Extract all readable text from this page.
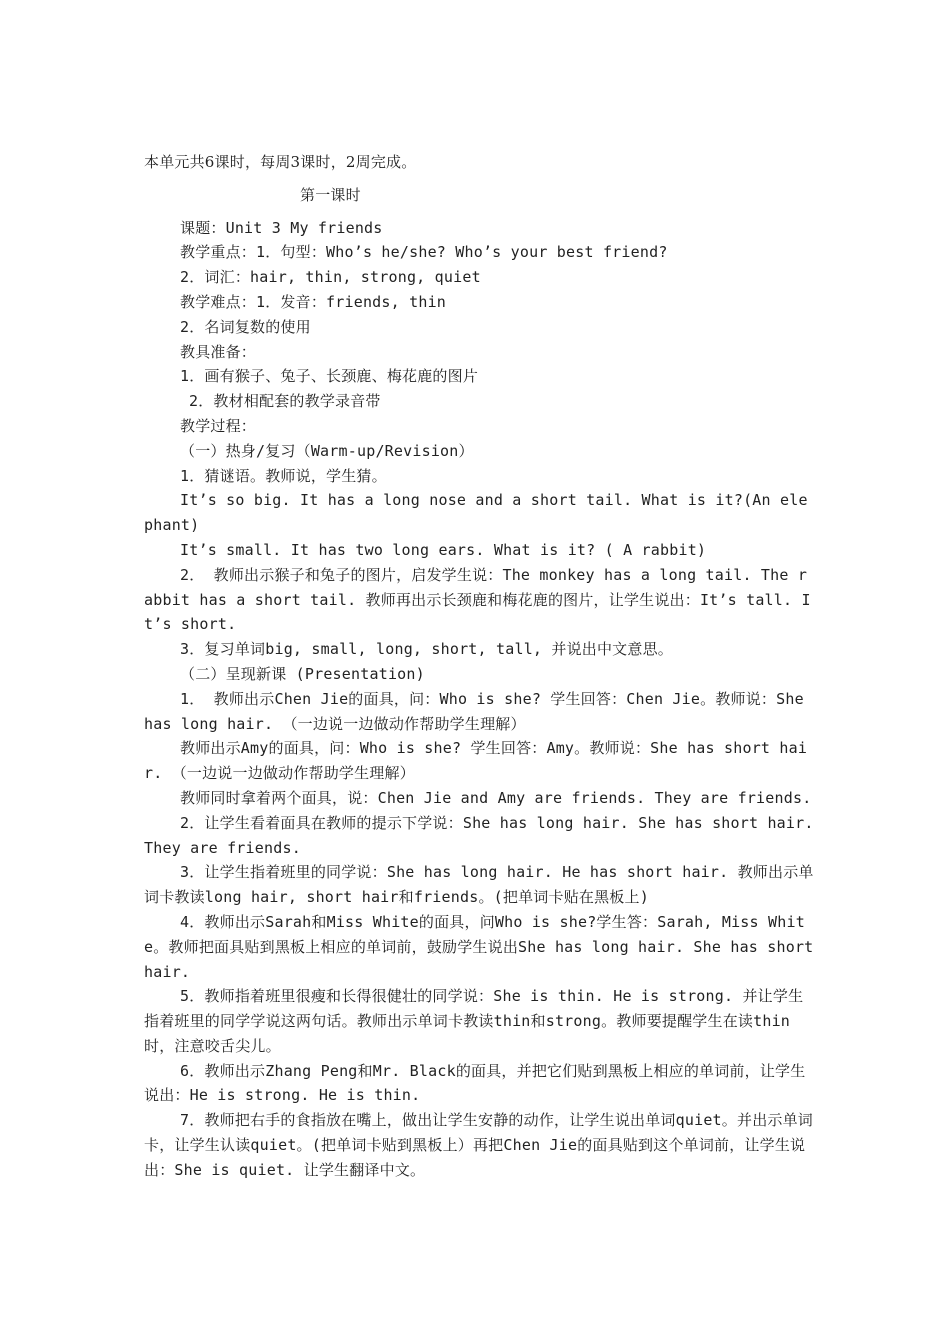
本单元共6课时，每周3课时，2周完成。

第一课时

课题：Unit 3 My friends

教学重点：1．句型：Who’s he/she? Who’s your best friend?

2．词汇：hair, thin, strong, quiet

教学难点：1．发音：friends, thin

2．名词复数的使用

教具准备：

1．画有猴子、兔子、长颈鹿、梅花鹿的图片

2．教材相配套的教学录音带

教学过程：

（一）热身/复习（Warm-up/Revision）

1．猜谜语。教师说，学生猜。

It’s so big. It has a long nose and a short tail. What is it?(An elephant)

It’s small. It has two long ears. What is it? ( A rabbit)

2． 教师出示猴子和兔子的图片，启发学生说：The monkey has a long tail. The rabbit has a short tail. 教师再出示长颈鹿和梅花鹿的图片，让学生说出：It’s tall. It’s short.

3．复习单词big, small, long, short, tall, 并说出中文意思。

（二）呈现新课 (Presentation)

1． 教师出示Chen Jie的面具，问：Who is she? 学生回答：Chen Jie。教师说：She has long hair. （一边说一边做动作帮助学生理解）

教师出示Amy的面具，问：Who is she? 学生回答：Amy。教师说：She has short hair. （一边说一边做动作帮助学生理解）

教师同时拿着两个面具，说：Chen Jie and Amy are friends. They are friends.

2．让学生看着面具在教师的提示下学说：She has long hair. She has short hair. They are friends.

3．让学生指着班里的同学说：She has long hair. He has short hair. 教师出示单词卡教读long hair, short hair和friends。(把单词卡贴在黑板上)

4．教师出示Sarah和Miss White的面具，问Who is she?学生答：Sarah, Miss White。教师把面具贴到黑板上相应的单词前，鼓励学生说出She has long hair. She has short hair.

5．教师指着班里很瘦和长得很健壮的同学说：She is thin. He is strong. 并让学生指着班里的同学学说这两句话。教师出示单词卡教读thin和strong。教师要提醒学生在读thin时，注意咬舌尖儿。

6．教师出示Zhang Peng和Mr. Black的面具，并把它们贴到黑板上相应的单词前，让学生说出：He is strong. He is thin.

7．教师把右手的食指放在嘴上，做出让学生安静的动作，让学生说出单词quiet。并出示单词卡，让学生认读quiet。(把单词卡贴到黑板上）再把Chen Jie的面具贴到这个单词前，让学生说出：She is quiet. 让学生翻译中文。
